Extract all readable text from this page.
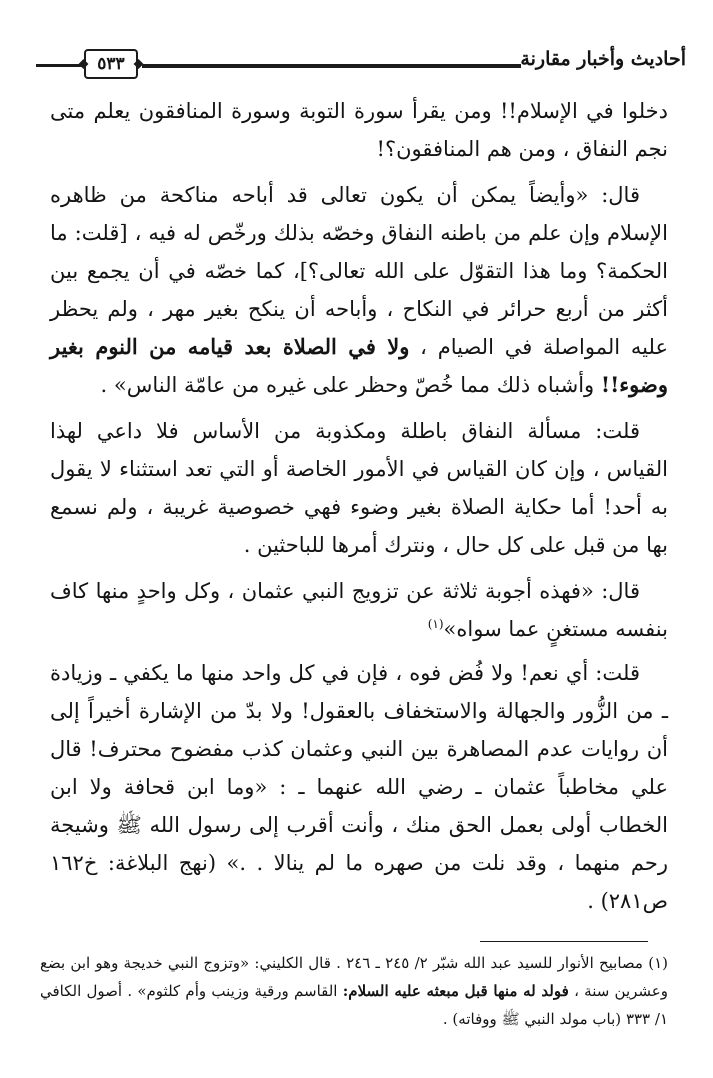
٥٣٣	أحاديث وأخبار مقارنة

دخلوا في الإسلام!! ومن يقرأ سورة التوبة وسورة المنافقون يعلم متى نجم النفاق ، ومن هم المنافقون؟!

قال: «وأيضاً يمكن أن يكون تعالى قد أباحه مناكحة من ظاهره الإسلام وإن علم من باطنه النفاق وخصّه بذلك ورخّص له فيه ، [قلت: ما الحكمة؟ وما هذا التقوّل على الله تعالى؟]، كما خصّه في أن يجمع بين أكثر من أربع حرائر في النكاح ، وأباحه أن ينكح بغير مهر ، ولم يحظر عليه المواصلة في الصيام ، ولا في الصلاة بعد قيامه من النوم بغير وضوء!! وأشباه ذلك مما خُصّ وحظر على غيره من عامّة الناس» .

قلت: مسألة النفاق باطلة ومكذوبة من الأساس فلا داعي لهذا القياس ، وإن كان القياس في الأمور الخاصة أو التي تعد استثناء لا يقول به أحد! أما حكاية الصلاة بغير وضوء فهي خصوصية غريبة ، ولم نسمع بها من قبل على كل حال ، ونترك أمرها للباحثين .

قال: «فهذه أجوبة ثلاثة عن تزويج النبي عثمان ، وكل واحدٍ منها كاف بنفسه مستغنٍ عما سواه»$^{(١)}$

قلت: أي نعم! ولا فُض فوه ، فإن في كل واحد منها ما يكفي ـ وزيادة ـ من الزُّور والجهالة والاستخفاف بالعقول! ولا بدّ من الإشارة أخيراً إلى أن روايات عدم المصاهرة بين النبي وعثمان كذب مفضوح محترف! قال علي مخاطباً عثمان ـ رضي الله عنهما ـ : «وما ابن قحافة ولا ابن الخطاب أولى بعمل الحق منك ، وأنت أقرب إلى رسول الله ﷺ وشيجة رحم منهما ، وقد نلت من صهره ما لم ينالا . .» (نهج البلاغة: خ١٦٢ ص٢٨١) .

(١) مصابيح الأنوار للسيد عبد الله شبّر ٢/ ٢٤٥ ـ ٢٤٦ . قال الكليني: «وتزوج النبي خديجة وهو ابن بضع وعشرين سنة ، فولد له منها قبل مبعثه عليه السلام: القاسم ورقية وزينب وأم كلثوم» . أصول الكافي ١/ ٣٣٣ (باب مولد النبي ﷺ ووفاته) .
